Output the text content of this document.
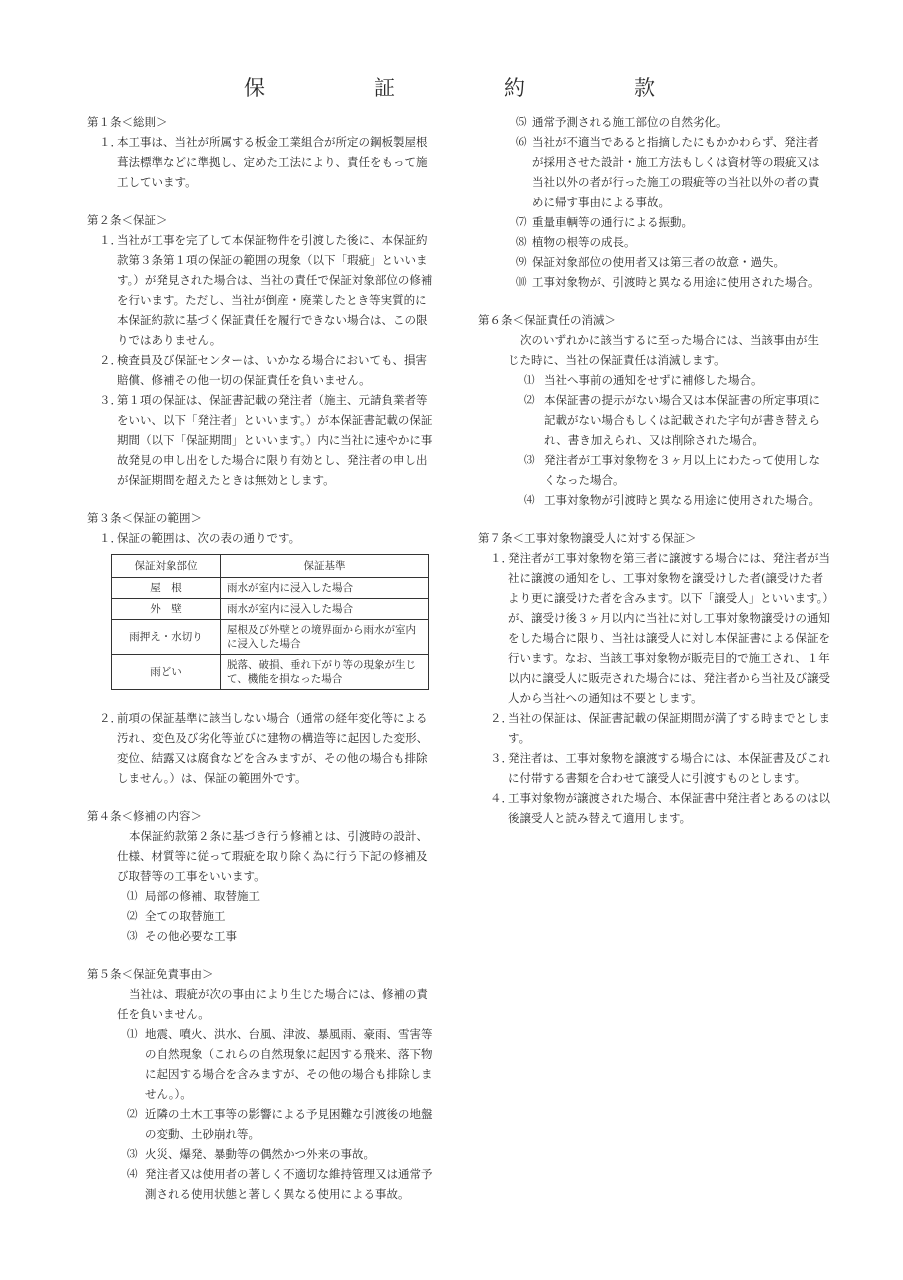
保　証　約　款
第１条＜総則＞
１．
本工事は、当社が所属する板金工業組合が所定の鋼板製屋根葺法標準などに準拠し、定めた工法により、責任をもって施工しています。
第２条＜保証＞
１．
当社が工事を完了して本保証物件を引渡した後に、本保証約款第３条第１項の保証の範囲の現象（以下「瑕疵」といいます。）が発見された場合は、当社の責任で保証対象部位の修補を行います。ただし、当社が倒産・廃業したとき等実質的に本保証約款に基づく保証責任を履行できない場合は、この限りではありません。
２．
検査員及び保証センターは、いかなる場合においても、損害賠償、修補その他一切の保証責任を負いません。
３．
第１項の保証は、保証書記載の発注者（施主、元請負業者等をいい、以下「発注者」といいます。）が本保証書記載の保証期間（以下「保証期間」といいます。）内に当社に速やかに事故発見の申し出をした場合に限り有効とし、発注者の申し出が保証期間を超えたときは無効とします。
第３条＜保証の範囲＞
１．
保証の範囲は、次の表の通りです。
保証対象部位	保証基準
屋　根	雨水が室内に浸入した場合
外　壁	雨水が室内に浸入した場合
雨押え・水切り	屋根及び外壁との境界面から雨水が室内に浸入した場合
雨どい	脱落、破損、垂れ下がり等の現象が生じて、機能を損なった場合
２．
前項の保証基準に該当しない場合（通常の経年変化等による汚れ、変色及び劣化等並びに建物の構造等に起因した変形、変位、結露又は腐食などを含みますが、その他の場合も排除しません。）は、保証の範囲外です。
第４条＜修補の内容＞
本保証約款第２条に基づき行う修補とは、引渡時の設計、仕様、材質等に従って瑕疵を取り除く為に行う下記の修補及び取替等の工事をいいます。
⑴ 局部の修補、取替施工
⑵ 全ての取替施工
⑶ その他必要な工事
第５条＜保証免責事由＞
当社は、瑕疵が次の事由により生じた場合には、修補の責任を負いません。
⑴ 地震、噴火、洪水、台風、津波、暴風雨、豪雨、雪害等の自然現象（これらの自然現象に起因する飛来、落下物に起因する場合を含みますが、その他の場合も排除しません。）。
⑵ 近隣の土木工事等の影響による予見困難な引渡後の地盤の変動、土砂崩れ等。
⑶ 火災、爆発、暴動等の偶然かつ外来の事故。
⑷ 発注者又は使用者の著しく不適切な維持管理又は通常予測される使用状態と著しく異なる使用による事故。
⑸ 通常予測される施工部位の自然劣化。
⑹ 当社が不適当であると指摘したにもかかわらず、発注者が採用させた設計・施工方法もしくは資材等の瑕疵又は当社以外の者が行った施工の瑕疵等の当社以外の者の責めに帰す事由による事故。
⑺ 重量車輌等の通行による振動。
⑻ 植物の根等の成長。
⑼ 保証対象部位の使用者又は第三者の故意・過失。
⑽ 工事対象物が、引渡時と異なる用途に使用された場合。
第６条＜保証責任の消滅＞
次のいずれかに該当するに至った場合には、当該事由が生じた時に、当社の保証責任は消滅します。
⑴ 当社へ事前の通知をせずに補修した場合。
⑵ 本保証書の提示がない場合又は本保証書の所定事項に記載がない場合もしくは記載された字句が書き替えられ、書き加えられ、又は削除された場合。
⑶ 発注者が工事対象物を３ヶ月以上にわたって使用しなくなった場合。
⑷ 工事対象物が引渡時と異なる用途に使用された場合。
第７条＜工事対象物譲受人に対する保証＞
１．
発注者が工事対象物を第三者に譲渡する場合には、発注者が当社に譲渡の通知をし、工事対象物を譲受けした者(譲受けた者より更に譲受けた者を含みます。以下「譲受人」といいます。）が、譲受け後３ヶ月以内に当社に対し工事対象物譲受けの通知をした場合に限り、当社は譲受人に対し本保証書による保証を行います。なお、当該工事対象物が販売目的で施工され、１年以内に譲受人に販売された場合には、発注者から当社及び譲受人から当社への通知は不要とします。
２．
当社の保証は、保証書記載の保証期間が満了する時までとします。
３．
発注者は、工事対象物を譲渡する場合には、本保証書及びこれに付帯する書類を合わせて譲受人に引渡すものとします。
４．
工事対象物が譲渡された場合、本保証書中発注者とあるのは以後譲受人と読み替えて適用します。
